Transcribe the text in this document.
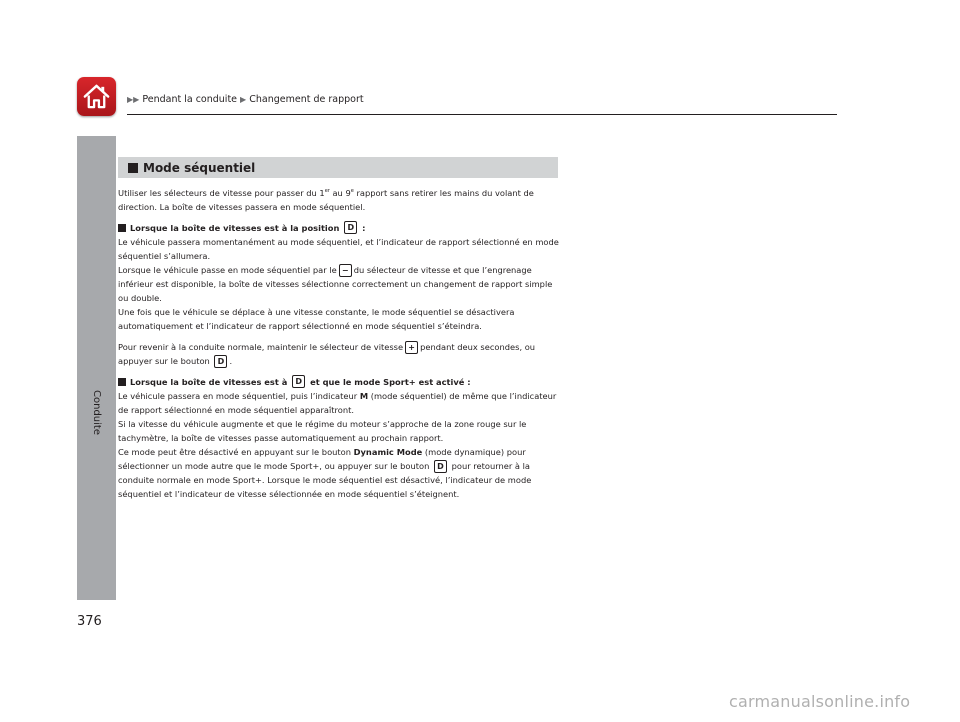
▶▶ Pendant la conduite ▶ Changement de rapport
Conduite
376
Mode séquentiel

Utiliser les sélecteurs de vitesse pour passer du 1er au 9e rapport sans retirer les mains du volant de direction. La boîte de vitesses passera en mode séquentiel.

Lorsque la boîte de vitesses est à la position
	D
:

Le véhicule passera momentanément au mode séquentiel, et l’indicateur de rapport sélectionné en mode séquentiel s’allumera.

Lorsque le véhicule passe en mode séquentiel par le − du sélecteur de vitesse et que l’engrenage inférieur est disponible, la boîte de vitesses sélectionne correctement un changement de rapport simple ou double.

Une fois que le véhicule se déplace à une vitesse constante, le mode séquentiel se désactivera automatiquement et l’indicateur de rapport sélectionné en mode séquentiel s’éteindra.

Pour revenir à la conduite normale, maintenir le sélecteur de vitesse + pendant deux secondes, ou appuyer sur le bouton D .

Lorsque la boîte de vitesses est à
	D
et que le mode Sport+ est activé :

Le véhicule passera en mode séquentiel, puis l’indicateur M (mode séquentiel) de même que l’indicateur de rapport sélectionné en mode séquentiel apparaîtront.

Si la vitesse du véhicule augmente et que le régime du moteur s’approche de la zone rouge sur le tachymètre, la boîte de vitesses passe automatiquement au prochain rapport.

Ce mode peut être désactivé en appuyant sur le bouton Dynamic Mode (mode dynamique) pour sélectionner un mode autre que le mode Sport+, ou appuyer sur le bouton D pour retourner à la conduite normale en mode Sport+. Lorsque le mode séquentiel est désactivé, l’indicateur de mode séquentiel et l’indicateur de vitesse sélectionnée en mode séquentiel s’éteignent.

carmanualsonline.info
